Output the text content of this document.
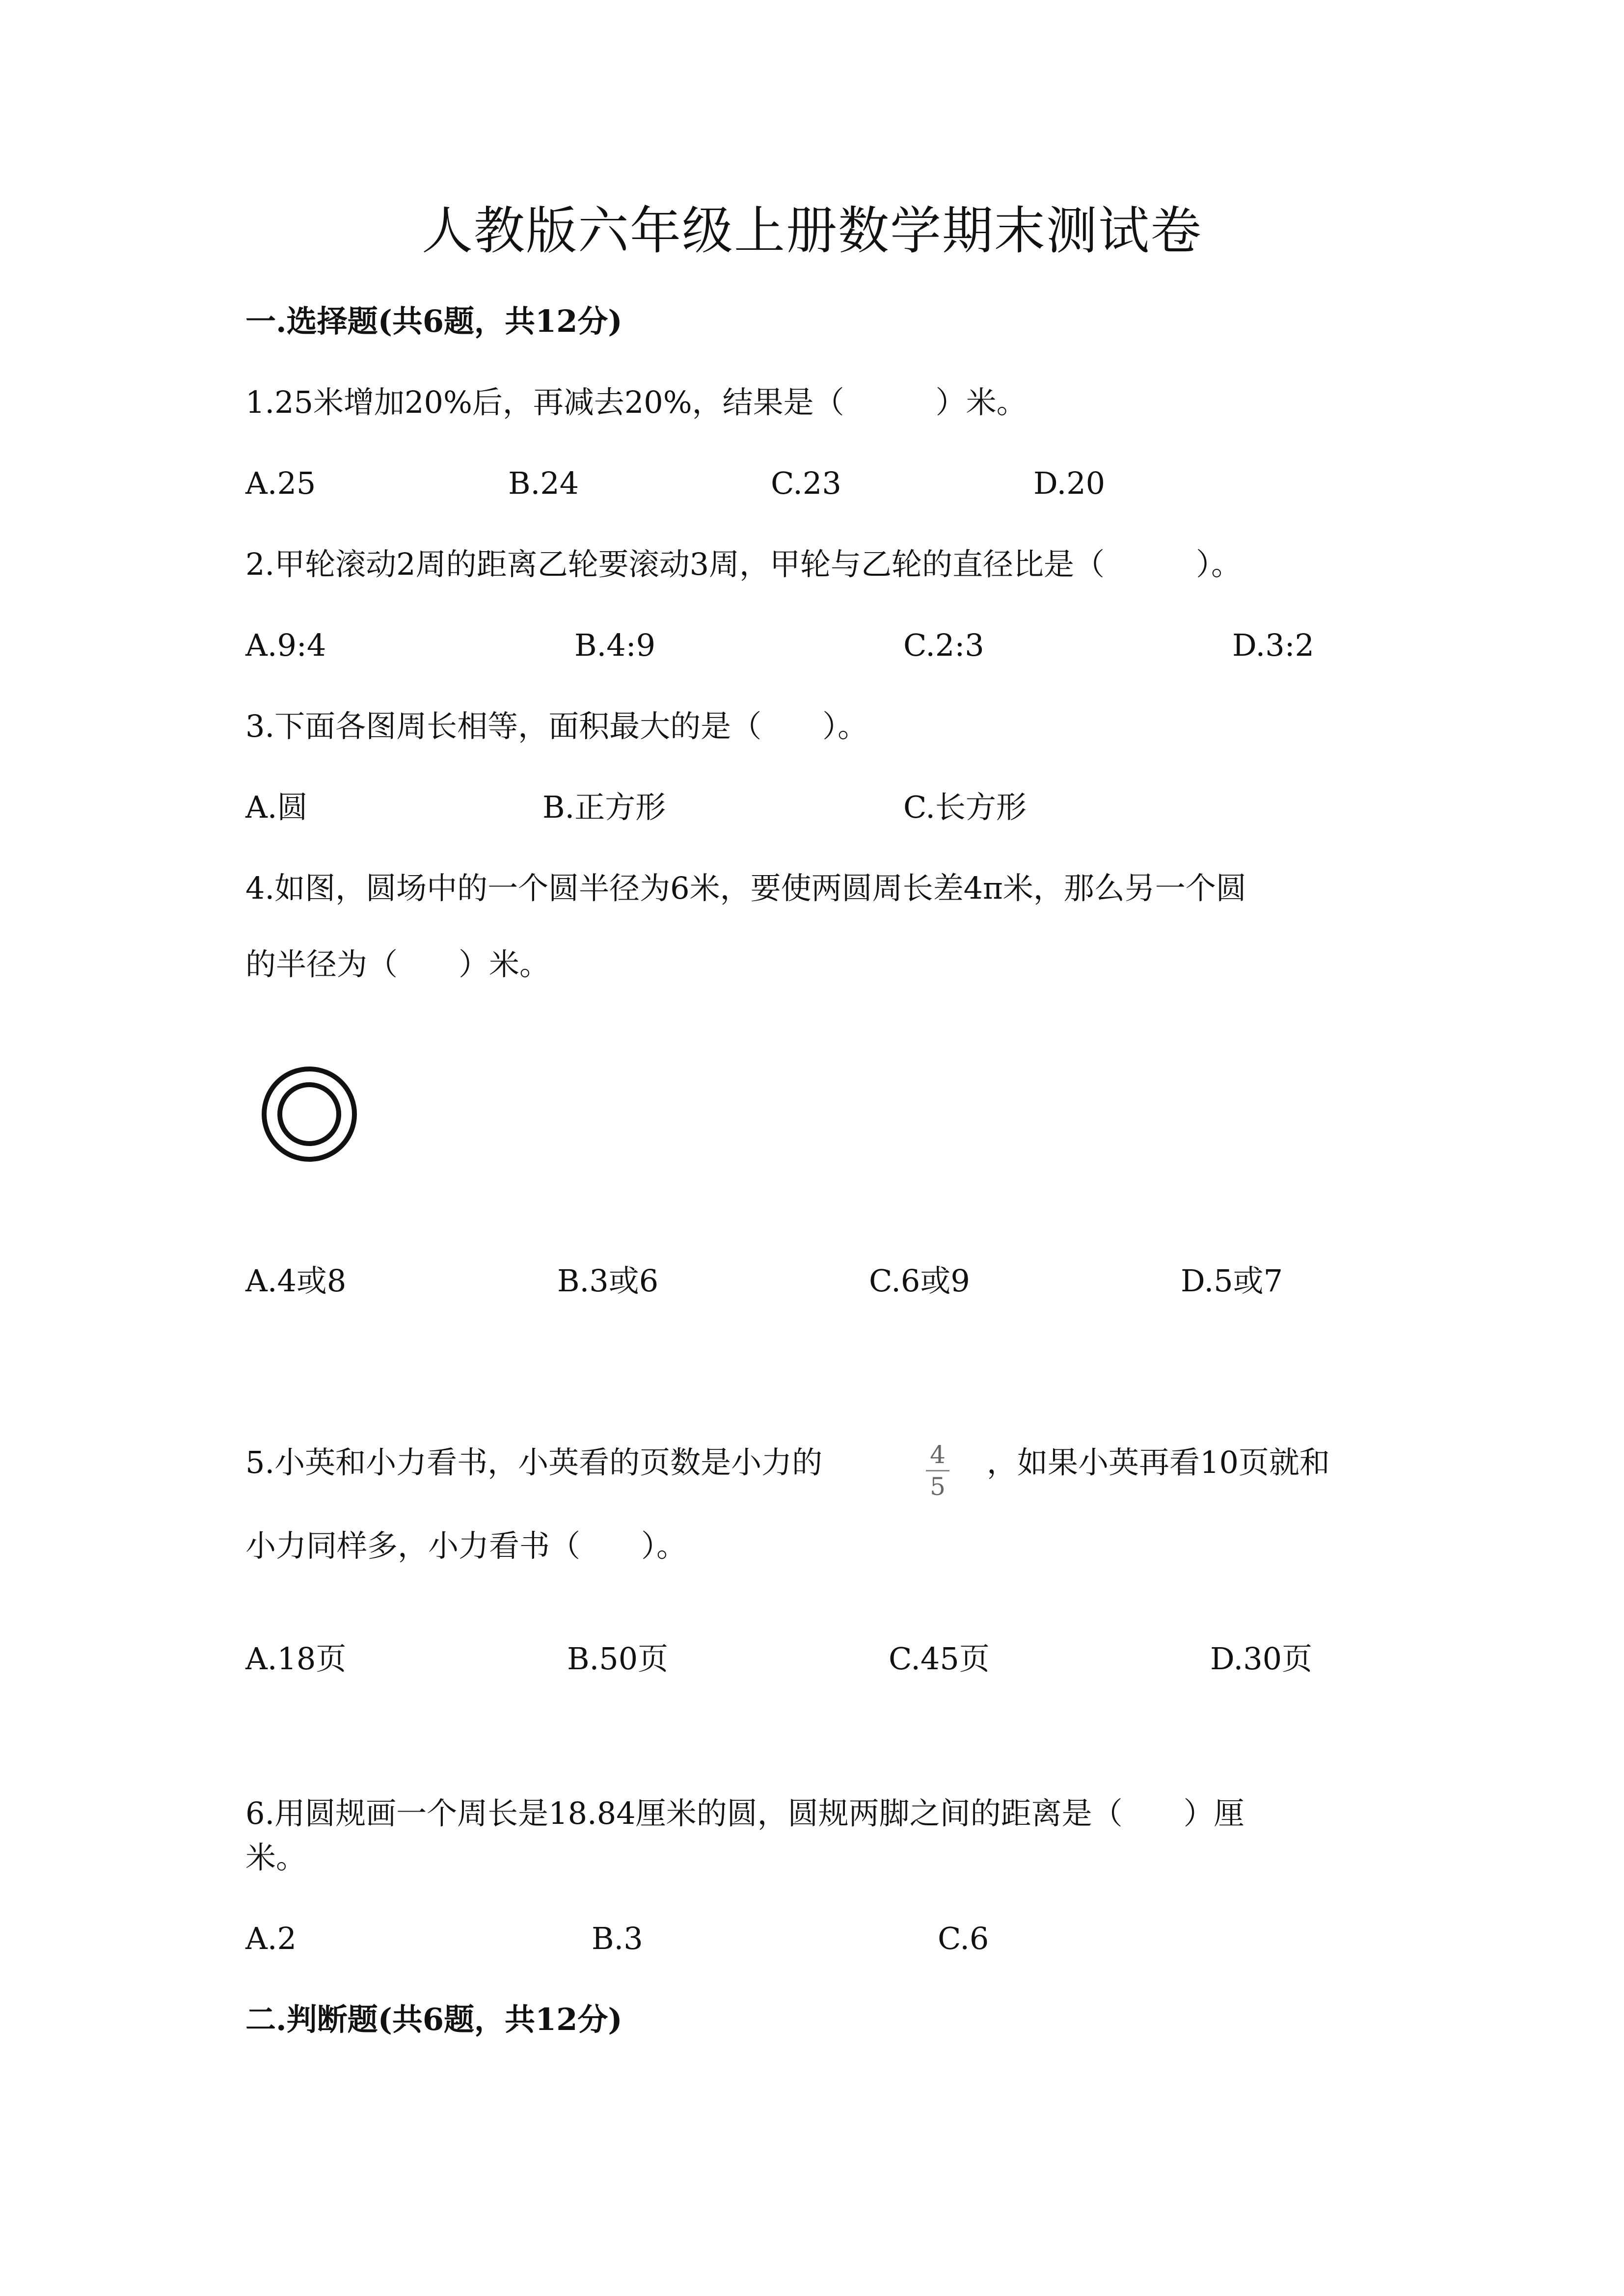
人教版六年级上册数学期末测试卷
一.选择题(共6题，共12分)
1.25米增加20%后，再减去20%，结果是（　　　）米。
A.25	B.24	C.23	D.20
2.甲轮滚动2周的距离乙轮要滚动3周，甲轮与乙轮的直径比是（　　　）。
A.9:4	B.4:9	C.2:3	D.3:2
3.下面各图周长相等，面积最大的是（　　）。
A.圆	B.正方形	C.长方形
4.如图，圆场中的一个圆半径为6米，要使两圆周长差4π米，那么另一个圆
的半径为（　　）米。
A.4或8	B.3或6	C.6或9	D.5或7
5.小英和小力看书，小英看的页数是小力的	4
5
，如果小英再看10页就和
小力同样多，小力看书（　　）。
A.18页	B.50页	C.45页	D.30页
6.用圆规画一个周长是18.84厘米的圆，圆规两脚之间的距离是（　　）厘
米。
A.2	B.3	C.6
二.判断题(共6题，共12分)
